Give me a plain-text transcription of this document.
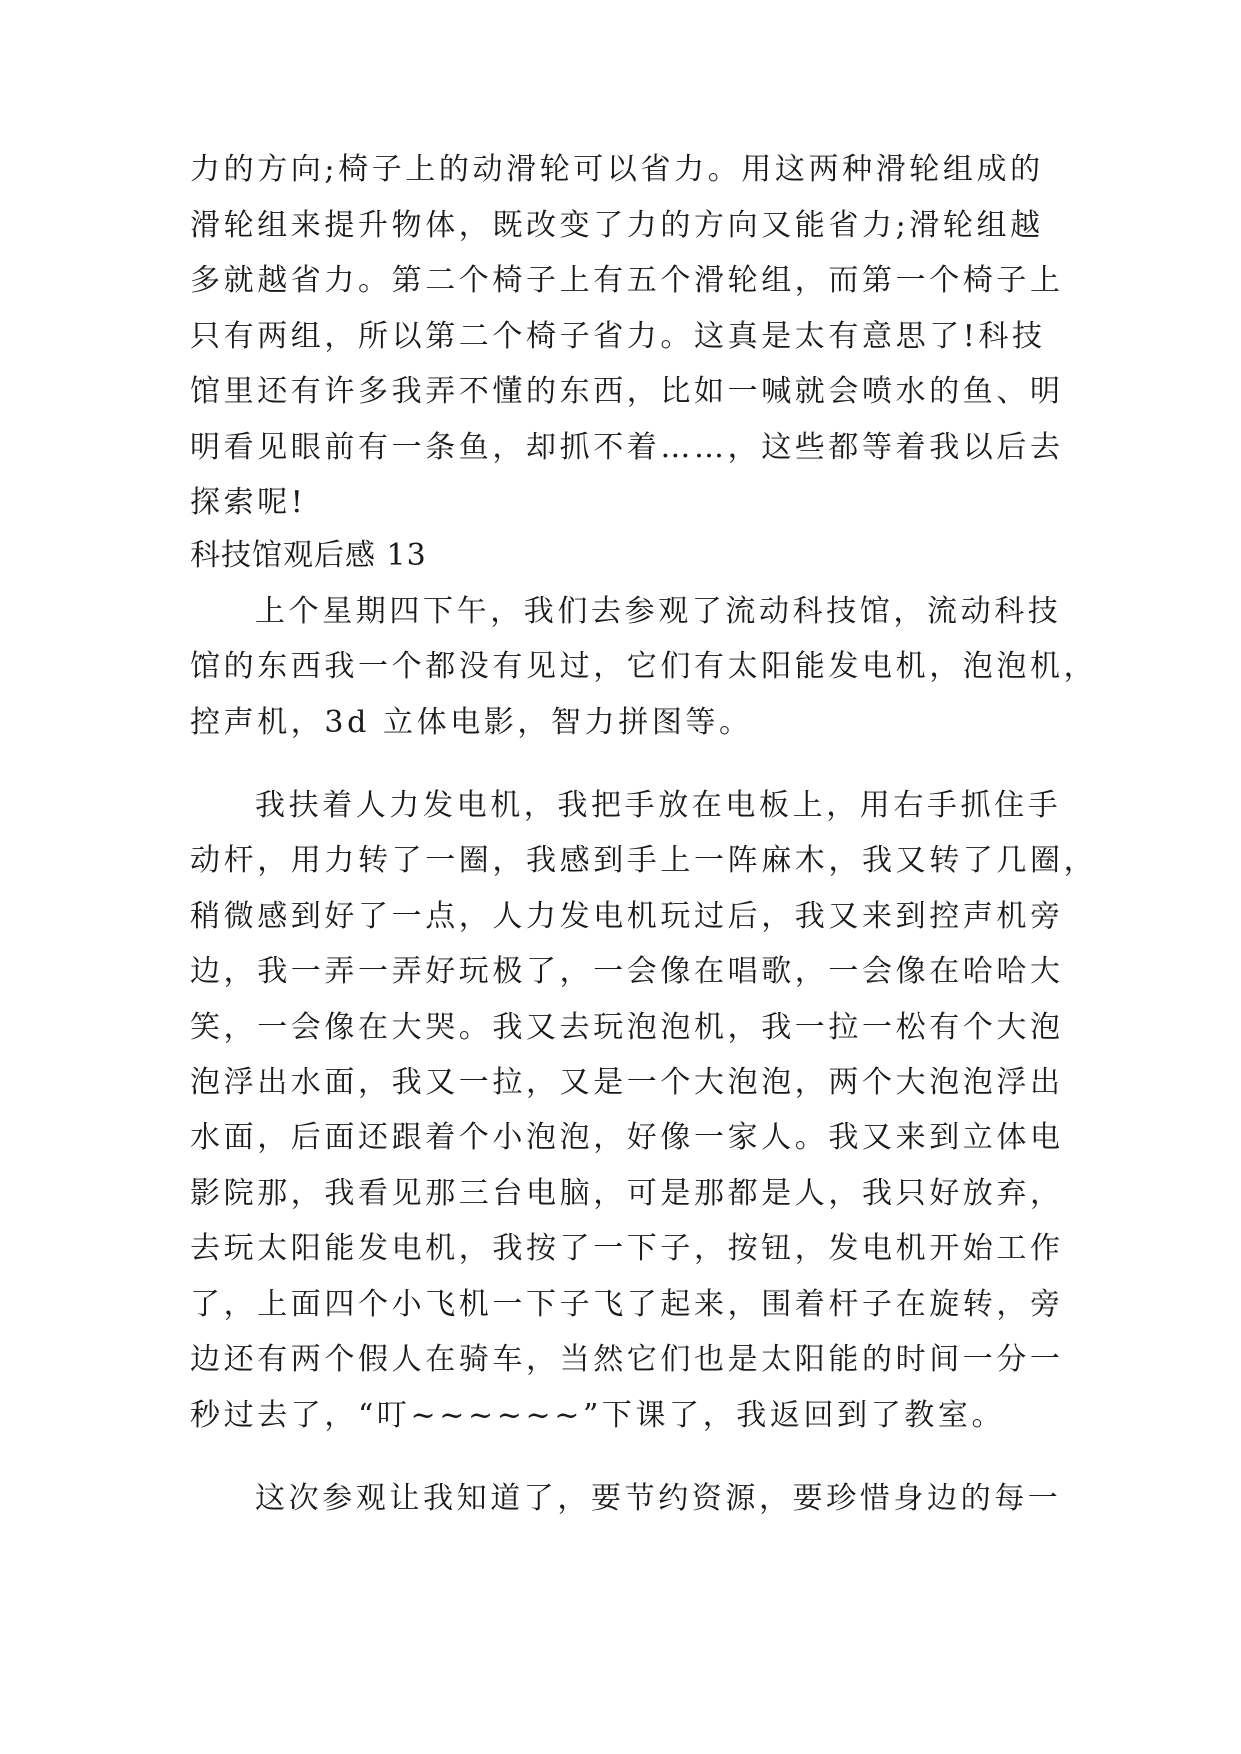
力的方向;椅子上的动滑轮可以省力。用这两种滑轮组成的
滑轮组来提升物体，既改变了力的方向又能省力;滑轮组越
多就越省力。第二个椅子上有五个滑轮组，而第一个椅子上
只有两组，所以第二个椅子省力。这真是太有意思了!科技
馆里还有许多我弄不懂的东西，比如一喊就会喷水的鱼、明
明看见眼前有一条鱼，却抓不着……，这些都等着我以后去
探索呢!
科技馆观后感 13
上个星期四下午，我们去参观了流动科技馆，流动科技
馆的东西我一个都没有见过，它们有太阳能发电机，泡泡机，
控声机，3d 立体电影，智力拼图等。
我扶着人力发电机，我把手放在电板上，用右手抓住手
动杆，用力转了一圈，我感到手上一阵麻木，我又转了几圈，
稍微感到好了一点，人力发电机玩过后，我又来到控声机旁
边，我一弄一弄好玩极了，一会像在唱歌，一会像在哈哈大
笑，一会像在大哭。我又去玩泡泡机，我一拉一松有个大泡
泡浮出水面，我又一拉，又是一个大泡泡，两个大泡泡浮出
水面，后面还跟着个小泡泡，好像一家人。我又来到立体电
影院那，我看见那三台电脑，可是那都是人，我只好放弃，
去玩太阳能发电机，我按了一下子，按钮，发电机开始工作
了，上面四个小飞机一下子飞了起来，围着杆子在旋转，旁
边还有两个假人在骑车，当然它们也是太阳能的时间一分一
秒过去了，“叮~~~~~~”下课了，我返回到了教室。
这次参观让我知道了，要节约资源，要珍惜身边的每一
